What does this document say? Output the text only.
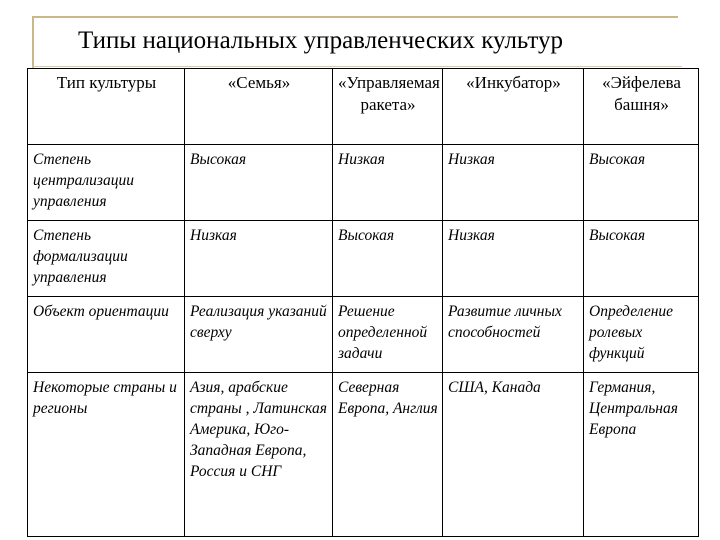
Типы национальных управленческих культур
Тип культуры	«Семья»	«Управляемая ракета»	«Инкубатор»	«Эйфелева башня»
Степень централизации управления	Высокая	Низкая	Низкая	Высокая
Степень формализации управления	Низкая	Высокая	Низкая	Высокая
Объект ориентации	Реализация указаний сверху	Решение определенной задачи	Развитие личных способностей	Определение ролевых функций
Некоторые страны и регионы	Азия, арабские страны , Латинская Америка, Юго-Западная Европа, Россия и СНГ	Северная Европа, Англия	США, Канада	Германия, Центральная Европа
